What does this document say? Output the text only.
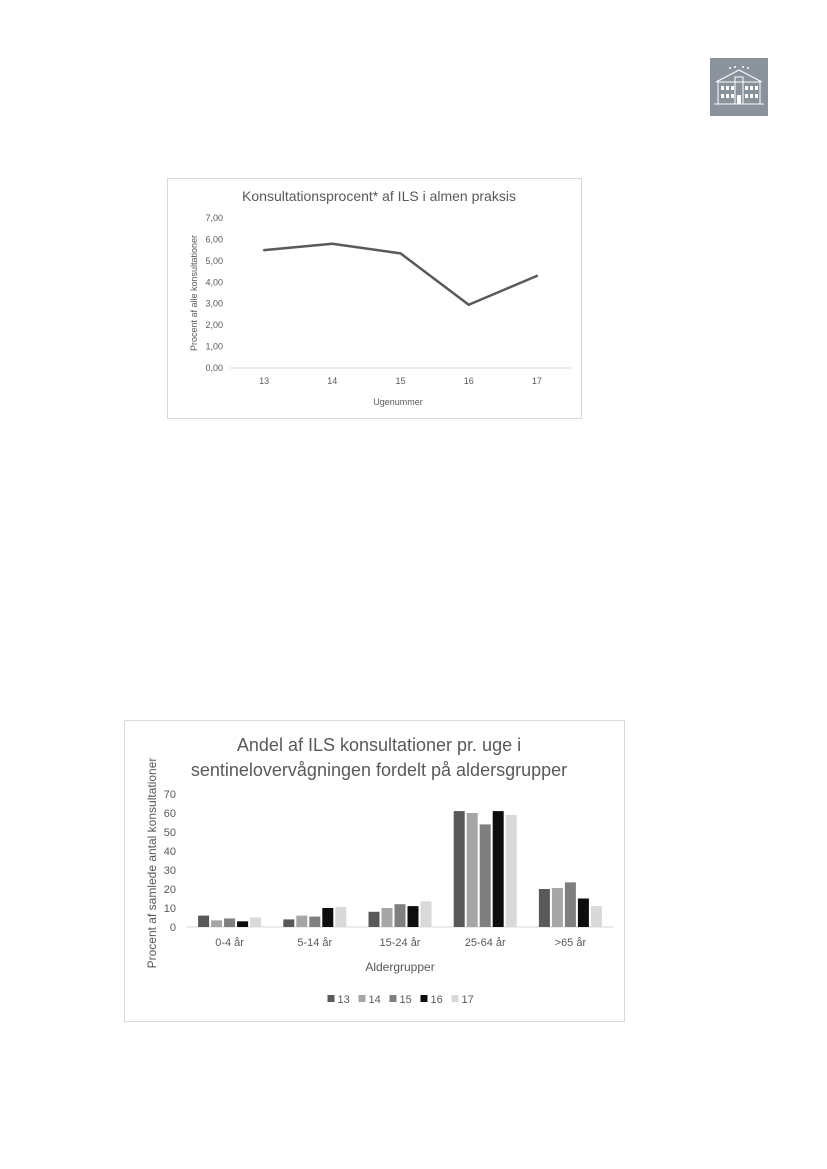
Konsultationsprocent* af ILS i almen praksis
Procent af alle konsultationer
Ugenummer
0,00
1,00
2,00
3,00
4,00
5,00
6,00
7,00
13	14	15	16	17
Andel af ILS konsultationer pr. uge i
sentinelovervågningen fordelt på aldersgrupper
Procent af samlede antal konsultationer	Aldergrupper
0
10
20
30
40
50
60
70
0-4 år	5-14 år	15-24 år	25-64 år	>65 år
13 14 15 16 17
